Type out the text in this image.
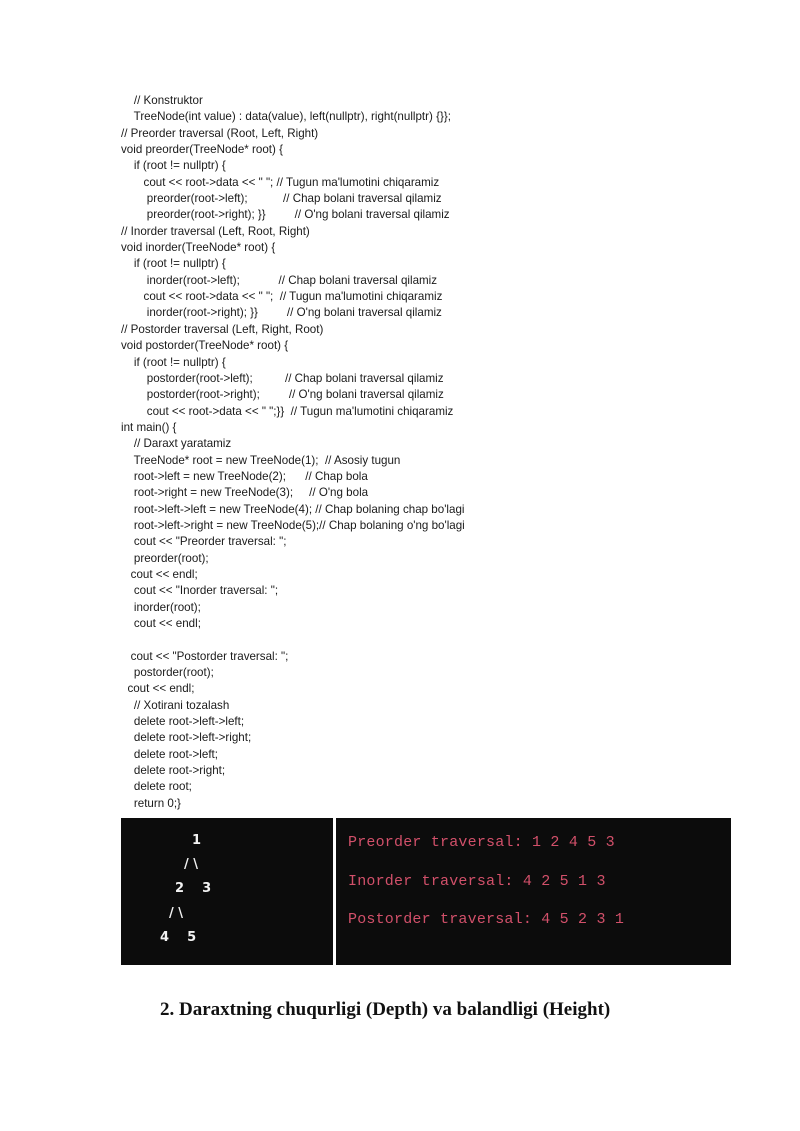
// Konstruktor
TreeNode(int value) : data(value), left(nullptr), right(nullptr) {}};
// Preorder traversal (Root, Left, Right)
void preorder(TreeNode* root) {
if (root != nullptr) {
cout << root->data << " "; // Tugun ma'lumotini chiqaramiz
preorder(root->left);           // Chap bolani traversal qilamiz
preorder(root->right); }}         // O'ng bolani traversal qilamiz
// Inorder traversal (Left, Root, Right)
void inorder(TreeNode* root) {
if (root != nullptr) {
inorder(root->left);            // Chap bolani traversal qilamiz
cout << root->data << " ";  // Tugun ma'lumotini chiqaramiz
inorder(root->right); }}         // O'ng bolani traversal qilamiz
// Postorder traversal (Left, Right, Root)
void postorder(TreeNode* root) {
if (root != nullptr) {
postorder(root->left);          // Chap bolani traversal qilamiz
postorder(root->right);         // O'ng bolani traversal qilamiz
cout << root->data << " ";}}  // Tugun ma'lumotini chiqaramiz
int main() {
// Daraxt yaratamiz
TreeNode* root = new TreeNode(1);  // Asosiy tugun
root->left = new TreeNode(2);      // Chap bola
root->right = new TreeNode(3);     // O'ng bola
root->left->left = new TreeNode(4); // Chap bolaning chap bo'lagi
root->left->right = new TreeNode(5);// Chap bolaning o'ng bo'lagi
cout << "Preorder traversal: ";
preorder(root);
cout << endl;
cout << "Inorder traversal: ";
inorder(root);
cout << endl;
cout << "Postorder traversal: ";
postorder(root);
cout << endl;
// Xotirani tozalash
delete root->left->left;
delete root->left->right;
delete root->left;
delete root->right;
delete root;
return 0;}
1
/ \
2    3
/ \
4    5
Preorder traversal: 1 2 4 5 3
Inorder traversal: 4 2 5 1 3
Postorder traversal: 4 5 2 3 1
2. Daraxtning chuqurligi (Depth) va balandligi (Height)
